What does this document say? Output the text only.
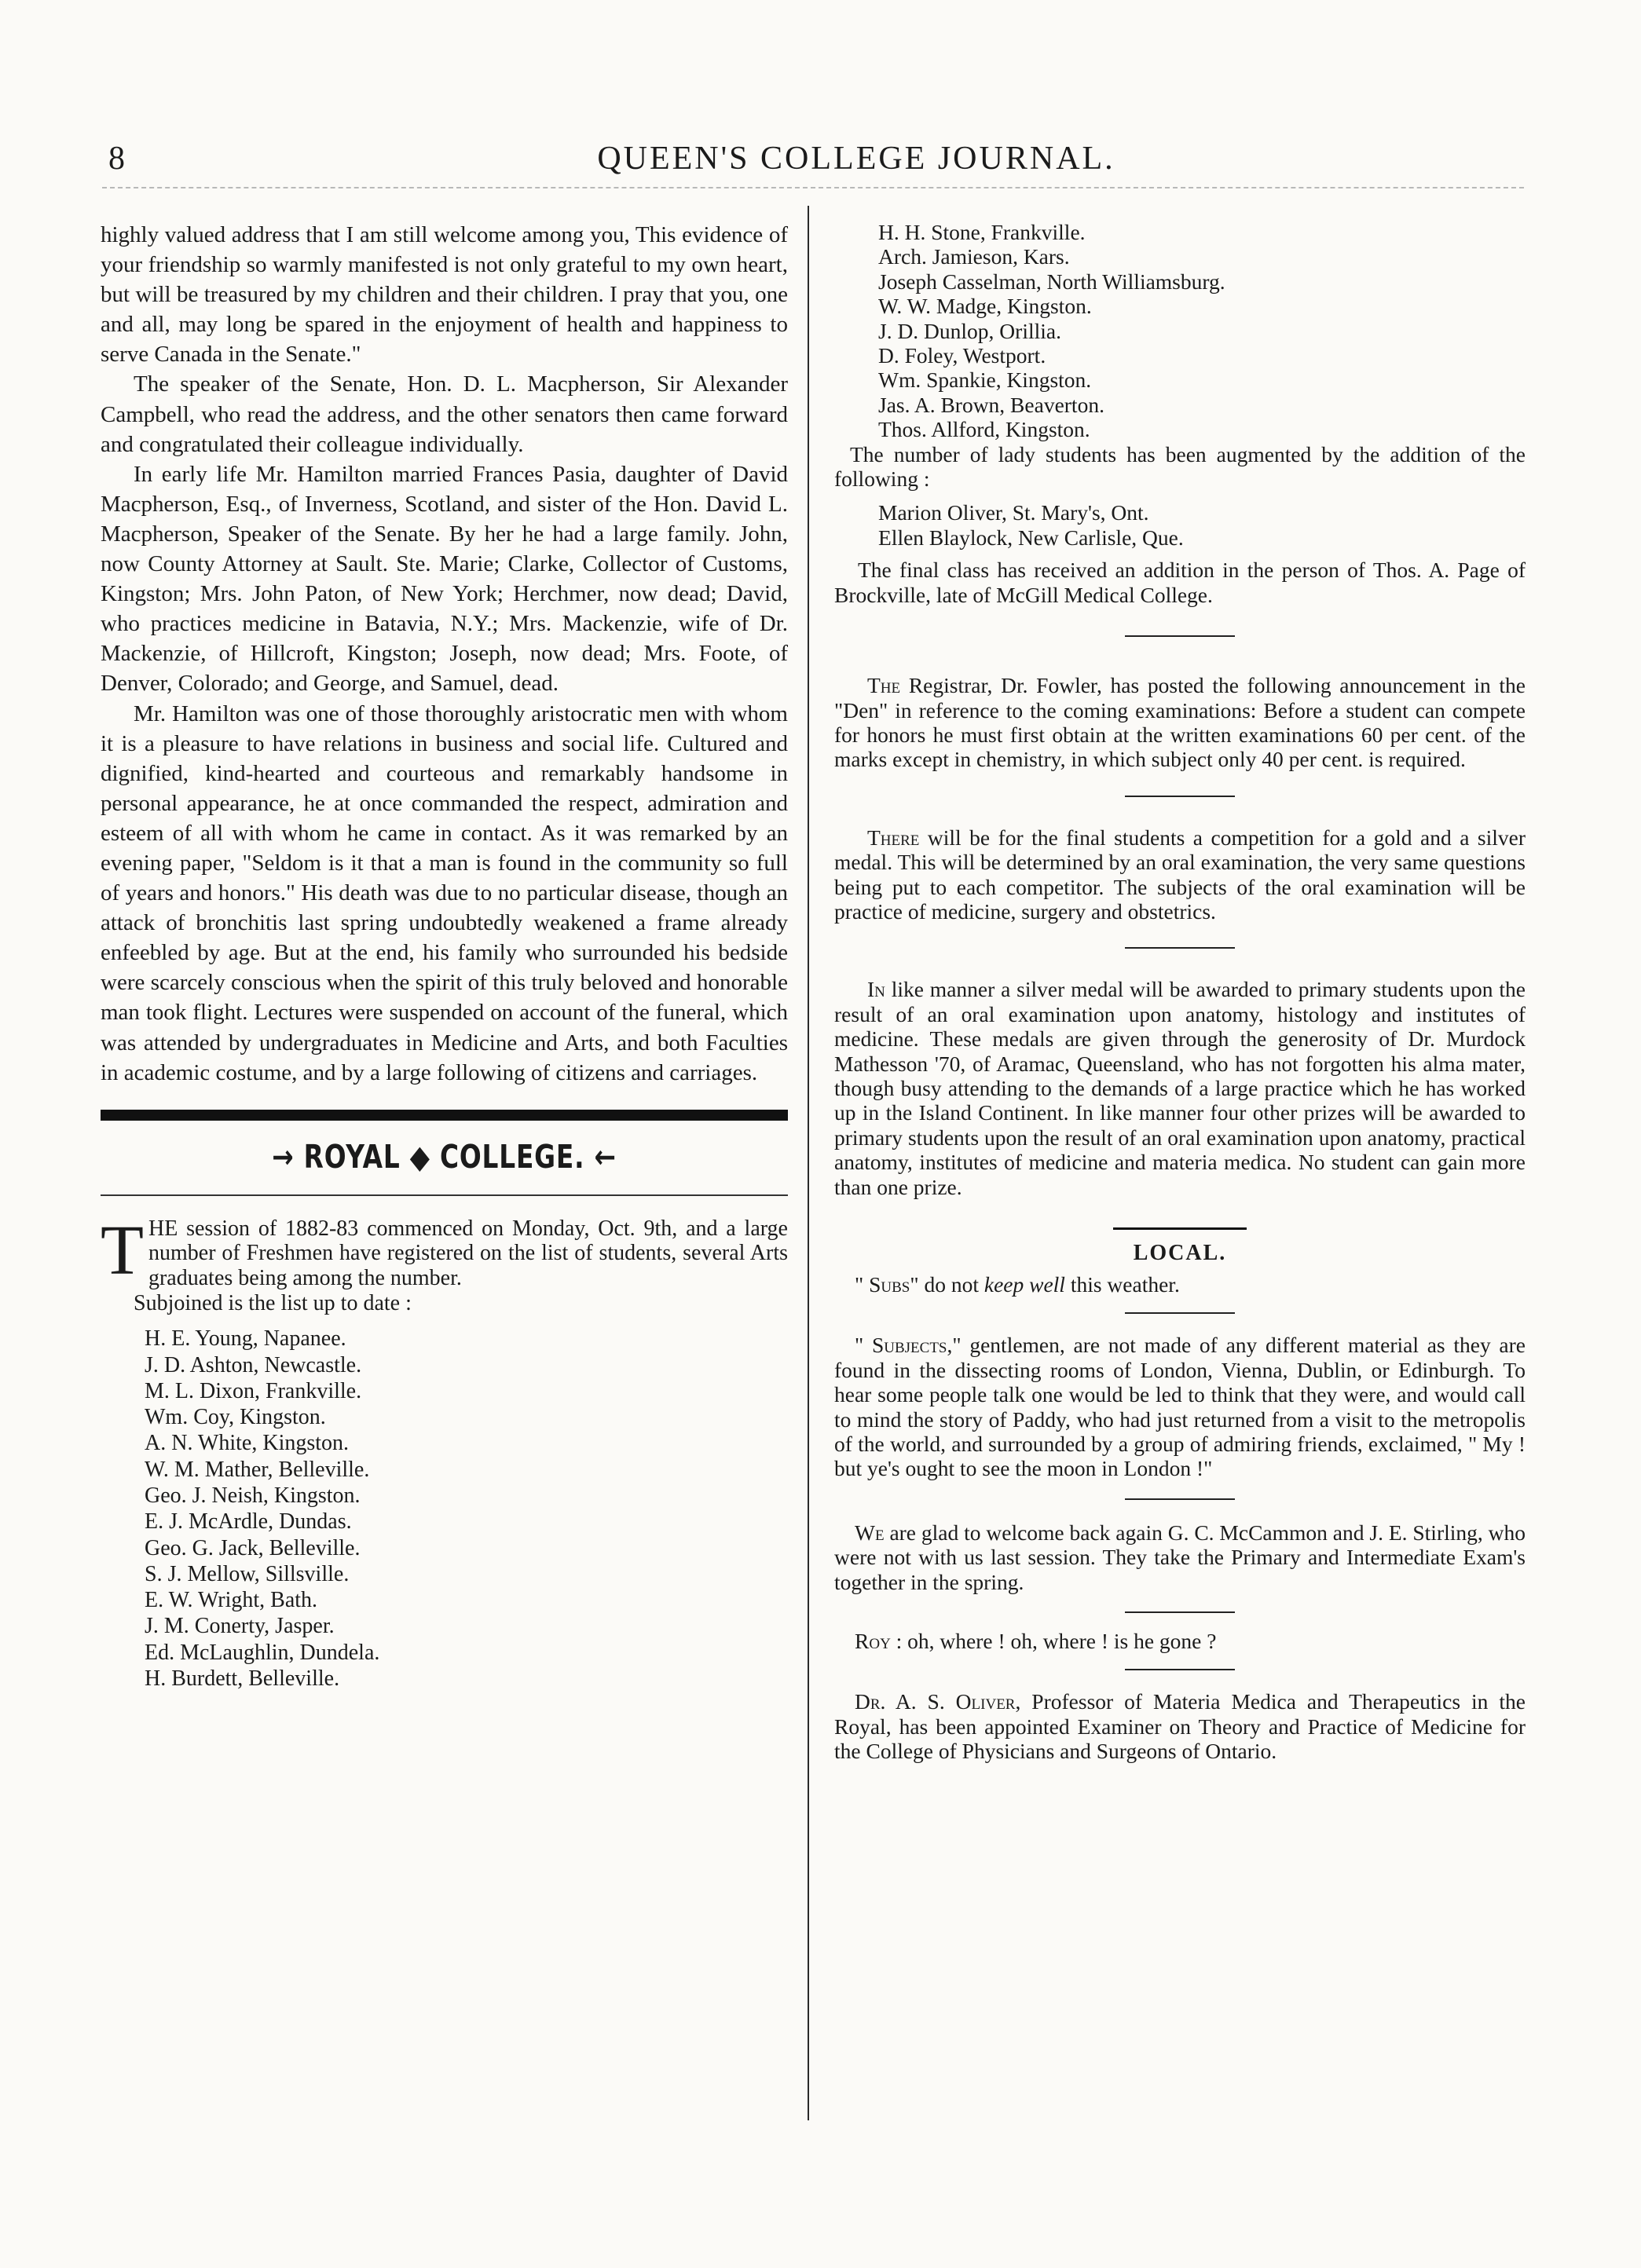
8	QUEEN'S COLLEGE JOURNAL.

highly valued address that I am still welcome among you, This evidence of your friendship so warmly manifested is not only grateful to my own heart, but will be treasured by my children and their children. I pray that you, one and all, may long be spared in the enjoyment of health and happiness to serve Canada in the Senate."

The speaker of the Senate, Hon. D. L. Macpherson, Sir Alexander Campbell, who read the address, and the other senators then came forward and congratulated their colleague individually.

In early life Mr. Hamilton married Frances Pasia, daughter of David Macpherson, Esq., of Inverness, Scotland, and sister of the Hon. David L. Macpherson, Speaker of the Senate. By her he had a large family. John, now County Attorney at Sault. Ste. Marie; Clarke, Collector of Customs, Kingston; Mrs. John Paton, of New York; Herchmer, now dead; David, who practices medicine in Batavia, N.Y.; Mrs. Mackenzie, wife of Dr. Mackenzie, of Hillcroft, Kingston; Joseph, now dead; Mrs. Foote, of Denver, Colorado; and George, and Samuel, dead.

Mr. Hamilton was one of those thoroughly aristocratic men with whom it is a pleasure to have relations in business and social life. Cultured and dignified, kind-hearted and courteous and remarkably handsome in personal appearance, he at once commanded the respect, admiration and esteem of all with whom he came in contact. As it was remarked by an evening paper, "Seldom is it that a man is found in the community so full of years and honors." His death was due to no particular disease, though an attack of bronchitis last spring undoubtedly weakened a frame already enfeebled by age. But at the end, his family who surrounded his bedside were scarcely conscious when the spirit of this truly beloved and honorable man took flight. Lectures were suspended on account of the funeral, which was attended by undergraduates in Medicine and Arts, and both Faculties in academic costume, and by a large following of citizens and carriages.

→ ROYAL ◆ COLLEGE. ←
T HE session of 1882-83 commenced on Monday, Oct. 9th, and a large number of Freshmen have registered on the list of students, several Arts graduates being among the number.

Subjoined is the list up to date :

H. E. Young, Napanee.
J. D. Ashton, Newcastle.
M. L. Dixon, Frankville.
Wm. Coy, Kingston.
A. N. White, Kingston.
W. M. Mather, Belleville.
Geo. J. Neish, Kingston.
E. J. McArdle, Dundas.
Geo. G. Jack, Belleville.
S. J. Mellow, Sillsville.
E. W. Wright, Bath.
J. M. Conerty, Jasper.
Ed. McLaughlin, Dundela.
H. Burdett, Belleville.
H. H. Stone, Frankville.
Arch. Jamieson, Kars.
Joseph Casselman, North Williamsburg.
W. W. Madge, Kingston.
J. D. Dunlop, Orillia.
D. Foley, Westport.
Wm. Spankie, Kingston.
Jas. A. Brown, Beaverton.
Thos. Allford, Kingston.

The number of lady students has been augmented by the addition of the following :

Marion Oliver, St. Mary's, Ont.
Ellen Blaylock, New Carlisle, Que.

The final class has received an addition in the person of Thos. A. Page of Brockville, late of McGill Medical College.

The Registrar, Dr. Fowler, has posted the following announcement in the "Den" in reference to the coming examinations: Before a student can compete for honors he must first obtain at the written examinations 60 per cent. of the marks except in chemistry, in which subject only 40 per cent. is required.

There will be for the final students a competition for a gold and a silver medal. This will be determined by an oral examination, the very same questions being put to each competitor. The subjects of the oral examination will be practice of medicine, surgery and obstetrics.

In like manner a silver medal will be awarded to primary students upon the result of an oral examination upon anatomy, histology and institutes of medicine. These medals are given through the generosity of Dr. Murdock Mathesson '70, of Aramac, Queensland, who has not forgotten his alma mater, though busy attending to the demands of a large practice which he has worked up in the Island Continent. In like manner four other prizes will be awarded to primary students upon the result of an oral examination upon anatomy, practical anatomy, institutes of medicine and materia medica. No student can gain more than one prize.

LOCAL.

" Subs" do not keep well this weather.

" Subjects," gentlemen, are not made of any different material as they are found in the dissecting rooms of London, Vienna, Dublin, or Edinburgh. To hear some people talk one would be led to think that they were, and would call to mind the story of Paddy, who had just returned from a visit to the metropolis of the world, and surrounded by a group of admiring friends, exclaimed, " My ! but ye's ought to see the moon in London !"

We are glad to welcome back again G. C. McCammon and J. E. Stirling, who were not with us last session. They take the Primary and Intermediate Exam's together in the spring.

Roy : oh, where ! oh, where ! is he gone ?

Dr. A. S. Oliver, Professor of Materia Medica and Therapeutics in the Royal, has been appointed Examiner on Theory and Practice of Medicine for the College of Physicians and Surgeons of Ontario.
